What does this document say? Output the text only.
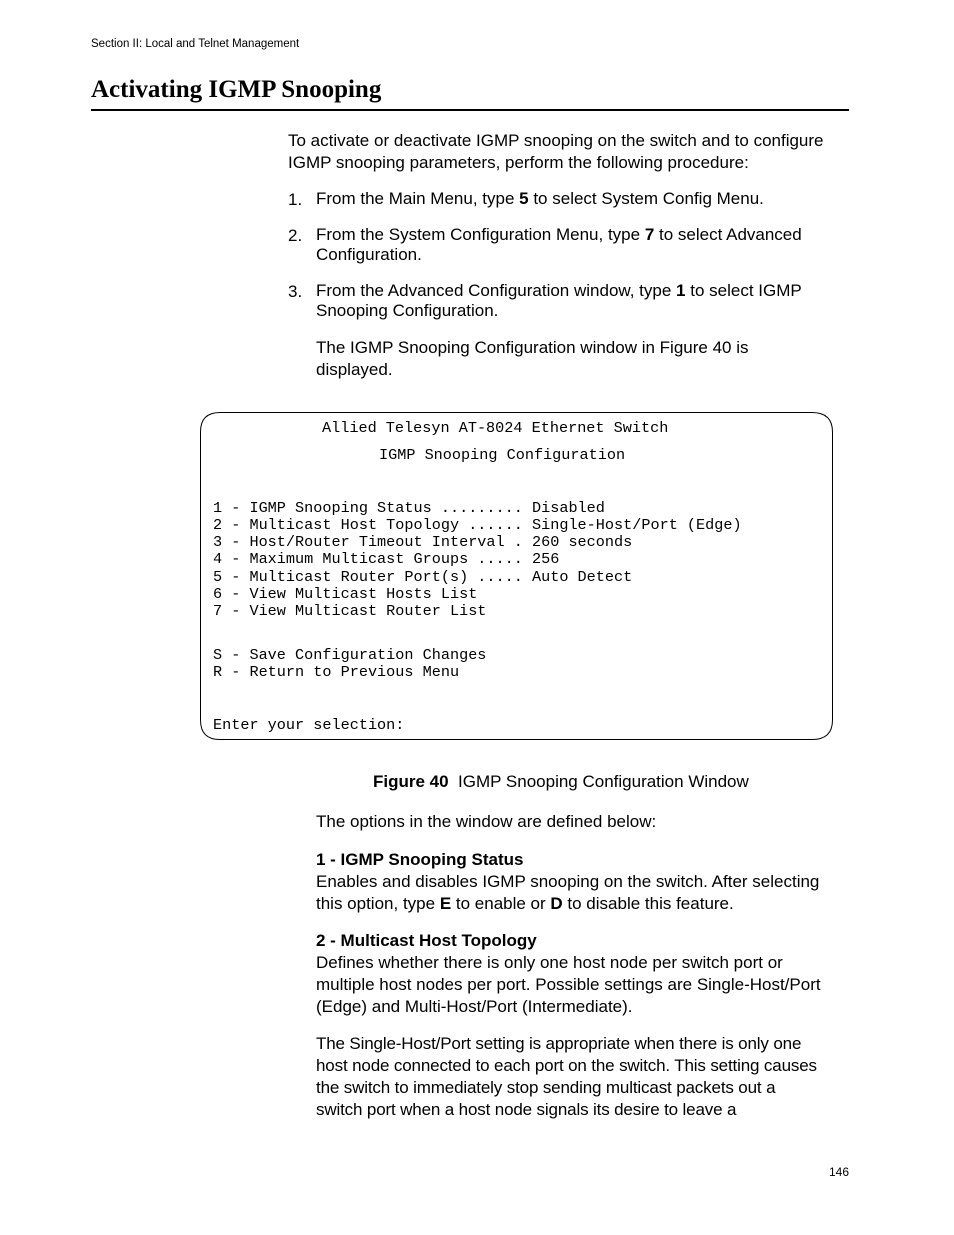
Section II: Local and Telnet Management
Activating IGMP Snooping
To activate or deactivate IGMP snooping on the switch and to configure IGMP snooping parameters, perform the following procedure:
1. From the Main Menu, type 5 to select System Config Menu.
2. From the System Configuration Menu, type 7 to select Advanced Configuration.
3. From the Advanced Configuration window, type 1 to select IGMP Snooping Configuration.
The IGMP Snooping Configuration window in Figure 40 is displayed.
Allied Telesyn AT-8024 Ethernet Switch
IGMP Snooping Configuration
1 - IGMP Snooping Status ......... Disabled
2 - Multicast Host Topology ...... Single-Host/Port (Edge)
3 - Host/Router Timeout Interval . 260 seconds
4 - Maximum Multicast Groups ..... 256
5 - Multicast Router Port(s) ..... Auto Detect
6 - View Multicast Hosts List
7 - View Multicast Router List
S - Save Configuration Changes
R - Return to Previous Menu
Enter your selection:
Figure 40 IGMP Snooping Configuration Window
The options in the window are defined below:
1 - IGMP Snooping Status
Enables and disables IGMP snooping on the switch. After selecting this option, type E to enable or D to disable this feature.
2 - Multicast Host Topology
Defines whether there is only one host node per switch port or multiple host nodes per port. Possible settings are Single-Host/Port (Edge) and Multi-Host/Port (Intermediate).
The Single-Host/Port setting is appropriate when there is only one host node connected to each port on the switch. This setting causes the switch to immediately stop sending multicast packets out a switch port when a host node signals its desire to leave a
146
